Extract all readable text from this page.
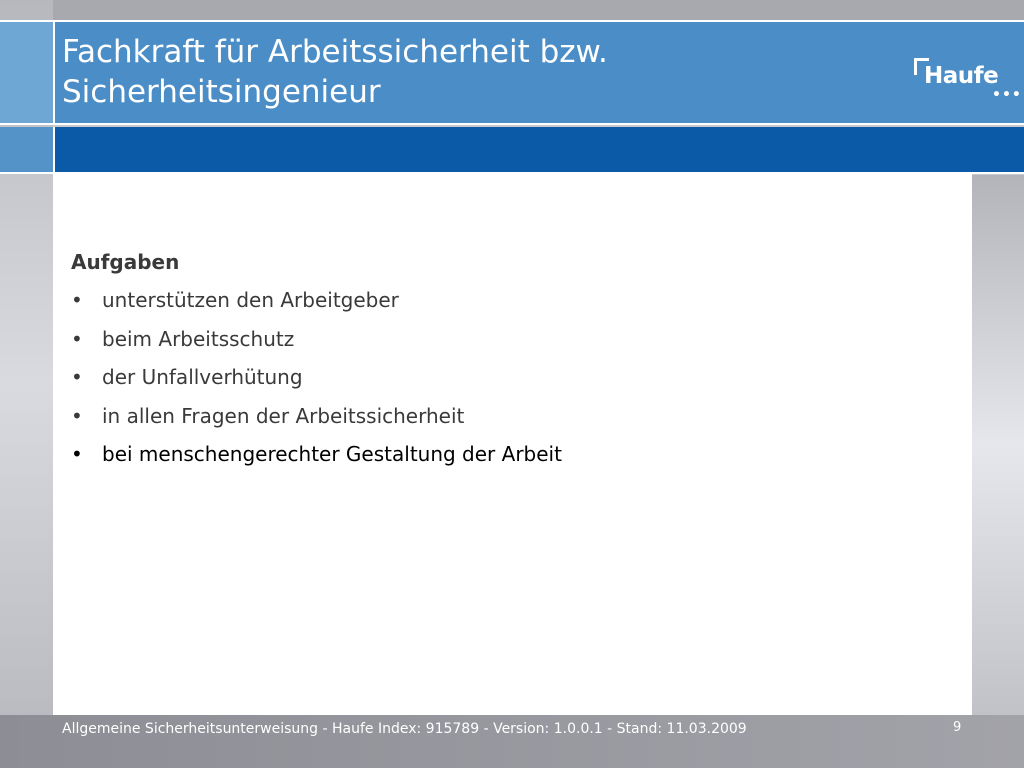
Fachkraft für Arbeitssicherheit bzw.
Sicherheitsingenieur	Haufe
•••
Aufgaben
• unterstützen den Arbeitgeber
• beim Arbeitsschutz
• der Unfallverhütung
• in allen Fragen der Arbeitssicherheit
• bei menschengerechter Gestaltung der Arbeit
Allgemeine Sicherheitsunterweisung - Haufe Index: 915789 - Version: 1.0.0.1 - Stand: 11.03.2009	9
